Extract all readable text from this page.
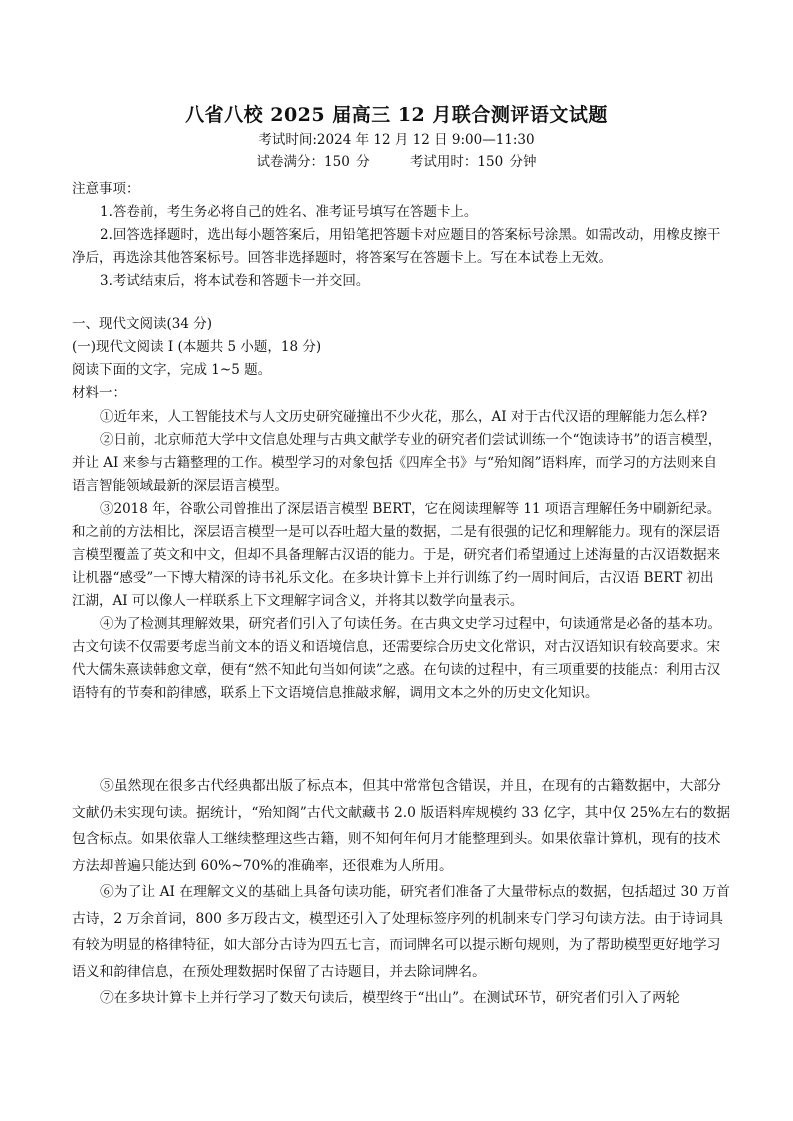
八省八校 2025 届高三 12 月联合测评语文试题
考试时间:2024 年 12 月 12 日 9:00—11:30
试卷满分：150 分	考试用时：150 分钟

注意事项：

1.答卷前，考生务必将自己的姓名、准考证号填写在答题卡上。

2.回答选择题时，选出每小题答案后，用铅笔把答题卡对应题目的答案标号涂黑。如需改动，用橡皮擦干净后，再选涂其他答案标号。回答非选择题时，将答案写在答题卡上。写在本试卷上无效。

3.考试结束后，将本试卷和答题卡一并交回。

一、现代文阅读(34 分)

(一)现代文阅读 I (本题共 5 小题，18 分)

阅读下面的文字，完成 1~5 题。

材料一：

①近年来，人工智能技术与人文历史研究碰撞出不少火花，那么，AI 对于古代汉语的理解能力怎么样?

②日前，北京师范大学中文信息处理与古典文献学专业的研究者们尝试训练一个“饱读诗书”的语言模型，并让 AI 来参与古籍整理的工作。模型学习的对象包括《四库全书》与“殆知阁”语料库，而学习的方法则来自语言智能领域最新的深层语言模型。

③2018 年，谷歌公司曾推出了深层语言模型 BERT，它在阅读理解等 11 项语言理解任务中刷新纪录。和之前的方法相比，深层语言模型一是可以吞吐超大量的数据，二是有很强的记忆和理解能力。现有的深层语言模型覆盖了英文和中文，但却不具备理解古汉语的能力。于是，研究者们希望通过上述海量的古汉语数据来让机器“感受”一下博大精深的诗书礼乐文化。在多块计算卡上并行训练了约一周时间后，古汉语 BERT 初出江湖，AI 可以像人一样联系上下文理解字词含义，并将其以数学向量表示。

④为了检测其理解效果，研究者们引入了句读任务。在古典文史学习过程中，句读通常是必备的基本功。古文句读不仅需要考虑当前文本的语义和语境信息，还需要综合历史文化常识，对古汉语知识有较高要求。宋代大儒朱熹读韩愈文章，便有“然不知此句当如何读”之惑。在句读的过程中，有三项重要的技能点：利用古汉语特有的节奏和韵律感，联系上下文语境信息推敲求解，调用文本之外的历史文化知识。

⑤虽然现在很多古代经典都出版了标点本，但其中常常包含错误，并且，在现有的古籍数据中，大部分文献仍未实现句读。据统计，“殆知阁”古代文献藏书 2.0 版语料库规模约 33 亿字，其中仅 25%左右的数据包含标点。如果依靠人工继续整理这些古籍，则不知何年何月才能整理到头。如果依靠计算机，现有的技术方法却普遍只能达到 60%~70%的准确率，还很难为人所用。

⑥为了让 AI 在理解文义的基础上具备句读功能，研究者们准备了大量带标点的数据，包括超过 30 万首古诗，2 万余首词，800 多万段古文，模型还引入了处理标签序列的机制来专门学习句读方法。由于诗词具有较为明显的格律特征，如大部分古诗为四五七言，而词牌名可以提示断句规则，为了帮助模型更好地学习语义和韵律信息，在预处理数据时保留了古诗题目，并去除词牌名。

⑦在多块计算卡上并行学习了数天句读后，模型终于“出山”。在测试环节，研究者们引入了两轮
